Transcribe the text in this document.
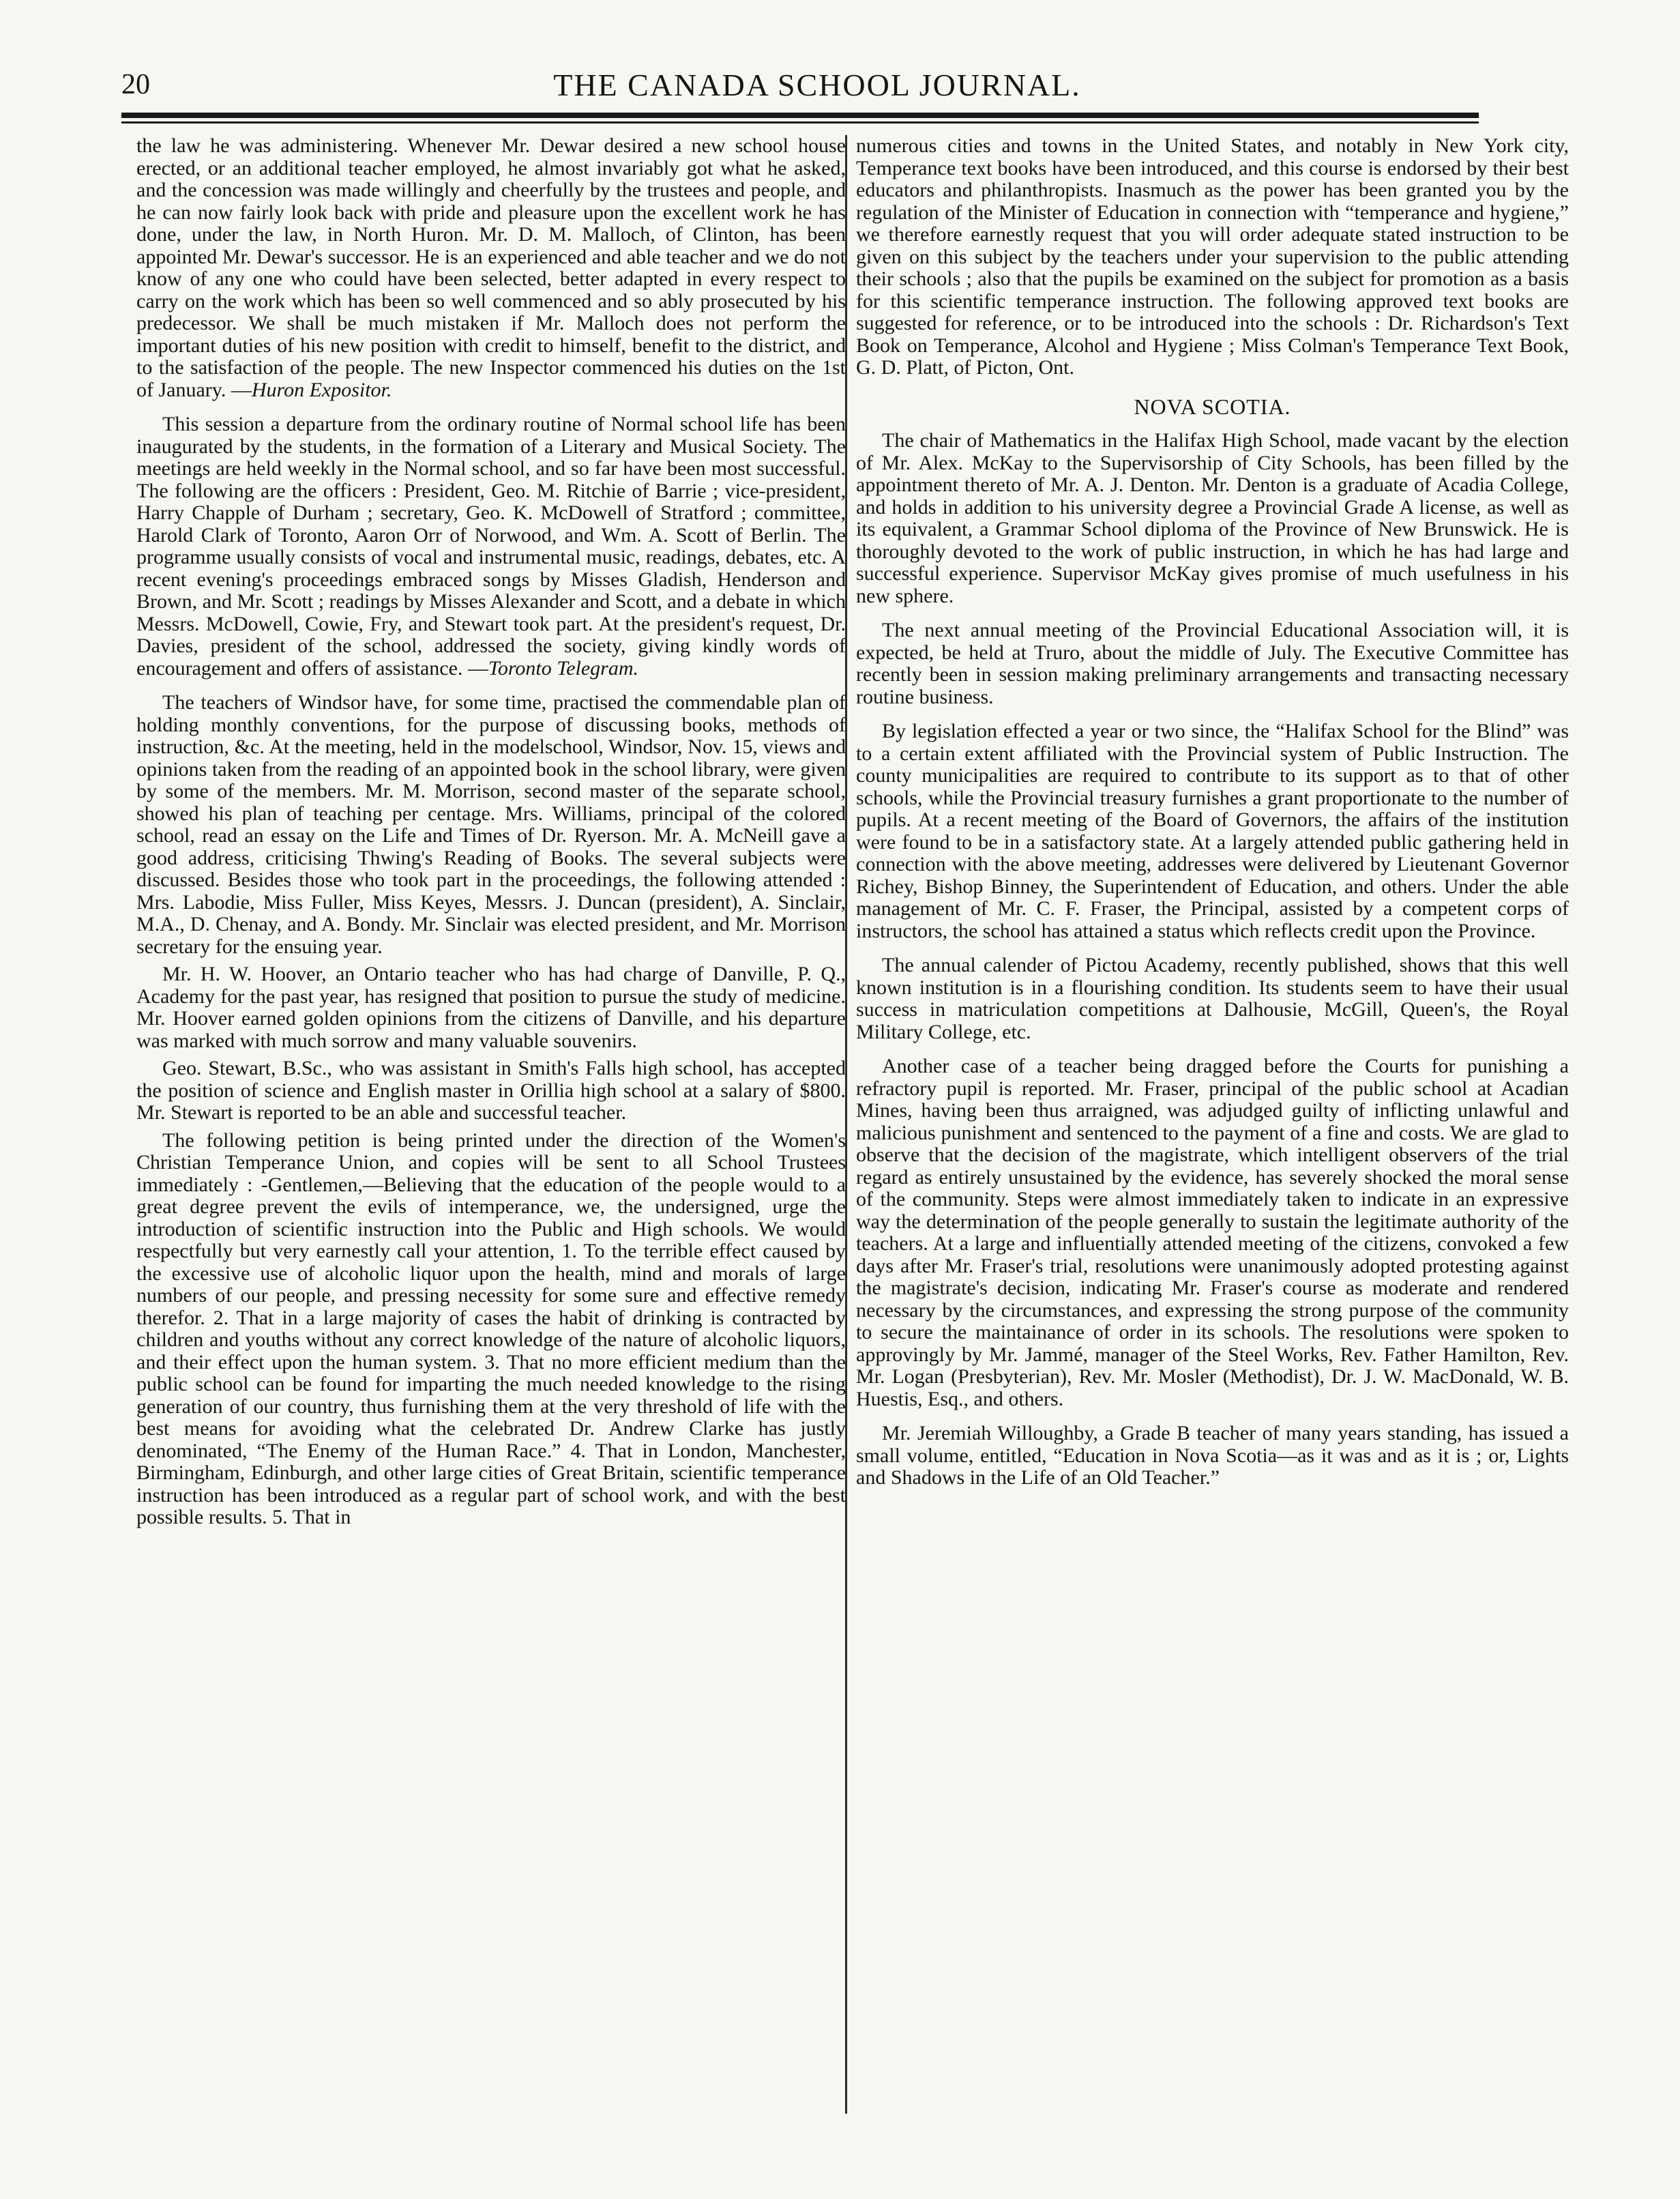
20	THE CANADA SCHOOL JOURNAL.

the law he was administering. Whenever Mr. Dewar desired a new school house erected, or an additional teacher employed, he almost invariably got what he asked, and the concession was made willingly and cheerfully by the trustees and people, and he can now fairly look back with pride and pleasure upon the excellent work he has done, under the law, in North Huron. Mr. D. M. Malloch, of Clinton, has been appointed Mr. Dewar's successor. He is an experienced and able teacher and we do not know of any one who could have been selected, better adapted in every respect to carry on the work which has been so well commenced and so ably prosecuted by his predecessor. We shall be much mistaken if Mr. Malloch does not perform the important duties of his new position with credit to himself, benefit to the district, and to the satisfaction of the people. The new Inspector commenced his duties on the 1st of January. —Huron Expositor.

This session a departure from the ordinary routine of Normal school life has been inaugurated by the students, in the formation of a Literary and Musical Society. The meetings are held weekly in the Normal school, and so far have been most successful. The following are the officers : President, Geo. M. Ritchie of Barrie ; vice-president, Harry Chapple of Durham ; secretary, Geo. K. McDowell of Stratford ; committee, Harold Clark of Toronto, Aaron Orr of Norwood, and Wm. A. Scott of Berlin. The programme usually consists of vocal and instrumental music, readings, debates, etc. A recent evening's proceedings embraced songs by Misses Gladish, Henderson and Brown, and Mr. Scott ; readings by Misses Alexander and Scott, and a debate in which Messrs. McDowell, Cowie, Fry, and Stewart took part. At the president's request, Dr. Davies, president of the school, addressed the society, giving kindly words of encouragement and offers of assistance. —Toronto Telegram.

The teachers of Windsor have, for some time, practised the commendable plan of holding monthly conventions, for the purpose of discussing books, methods of instruction, &c. At the meeting, held in the modelschool, Windsor, Nov. 15, views and opinions taken from the reading of an appointed book in the school library, were given by some of the members. Mr. M. Morrison, second master of the separate school, showed his plan of teaching per centage. Mrs. Williams, principal of the colored school, read an essay on the Life and Times of Dr. Ryerson. Mr. A. McNeill gave a good address, criticising Thwing's Reading of Books. The several subjects were discussed. Besides those who took part in the proceedings, the following attended : Mrs. Labodie, Miss Fuller, Miss Keyes, Messrs. J. Duncan (president), A. Sinclair, M.A., D. Chenay, and A. Bondy. Mr. Sinclair was elected president, and Mr. Morrison secretary for the ensuing year.

Mr. H. W. Hoover, an Ontario teacher who has had charge of Danville, P. Q., Academy for the past year, has resigned that position to pursue the study of medicine. Mr. Hoover earned golden opinions from the citizens of Danville, and his departure was marked with much sorrow and many valuable souvenirs.

Geo. Stewart, B.Sc., who was assistant in Smith's Falls high school, has accepted the position of science and English master in Orillia high school at a salary of $800. Mr. Stewart is reported to be an able and successful teacher.

The following petition is being printed under the direction of the Women's Christian Temperance Union, and copies will be sent to all School Trustees immediately : -Gentlemen,—Believing that the education of the people would to a great degree prevent the evils of intemperance, we, the undersigned, urge the introduction of scientific instruction into the Public and High schools. We would respectfully but very earnestly call your attention, 1. To the terrible effect caused by the excessive use of alcoholic liquor upon the health, mind and morals of large numbers of our people, and pressing necessity for some sure and effective remedy therefor. 2. That in a large majority of cases the habit of drinking is contracted by children and youths without any correct knowledge of the nature of alcoholic liquors, and their effect upon the human system. 3. That no more efficient medium than the public school can be found for imparting the much needed knowledge to the rising generation of our country, thus furnishing them at the very threshold of life with the best means for avoiding what the celebrated Dr. Andrew Clarke has justly denominated, “The Enemy of the Human Race.” 4. That in London, Manchester, Birmingham, Edinburgh, and other large cities of Great Britain, scientific temperance instruction has been introduced as a regular part of school work, and with the best possible results. 5. That in

numerous cities and towns in the United States, and notably in New York city, Temperance text books have been introduced, and this course is endorsed by their best educators and philanthropists. Inasmuch as the power has been granted you by the regulation of the Minister of Education in connection with “temperance and hygiene,” we therefore earnestly request that you will order adequate stated instruction to be given on this subject by the teachers under your supervision to the public attending their schools ; also that the pupils be examined on the subject for promotion as a basis for this scientific temperance instruction. The following approved text books are suggested for reference, or to be introduced into the schools : Dr. Richardson's Text Book on Temperance, Alcohol and Hygiene ; Miss Colman's Temperance Text Book, G. D. Platt, of Picton, Ont.

NOVA SCOTIA.

The chair of Mathematics in the Halifax High School, made vacant by the election of Mr. Alex. McKay to the Supervisorship of City Schools, has been filled by the appointment thereto of Mr. A. J. Denton. Mr. Denton is a graduate of Acadia College, and holds in addition to his university degree a Provincial Grade A license, as well as its equivalent, a Grammar School diploma of the Province of New Brunswick. He is thoroughly devoted to the work of public instruction, in which he has had large and successful experience. Supervisor McKay gives promise of much usefulness in his new sphere.

The next annual meeting of the Provincial Educational Association will, it is expected, be held at Truro, about the middle of July. The Executive Committee has recently been in session making preliminary arrangements and transacting necessary routine business.

By legislation effected a year or two since, the “Halifax School for the Blind” was to a certain extent affiliated with the Provincial system of Public Instruction. The county municipalities are required to contribute to its support as to that of other schools, while the Provincial treasury furnishes a grant proportionate to the number of pupils. At a recent meeting of the Board of Governors, the affairs of the institution were found to be in a satisfactory state. At a largely attended public gathering held in connection with the above meeting, addresses were delivered by Lieutenant Governor Richey, Bishop Binney, the Superintendent of Education, and others. Under the able management of Mr. C. F. Fraser, the Principal, assisted by a competent corps of instructors, the school has attained a status which reflects credit upon the Province.

The annual calender of Pictou Academy, recently published, shows that this well known institution is in a flourishing condition. Its students seem to have their usual success in matriculation competitions at Dalhousie, McGill, Queen's, the Royal Military College, etc.

Another case of a teacher being dragged before the Courts for punishing a refractory pupil is reported. Mr. Fraser, principal of the public school at Acadian Mines, having been thus arraigned, was adjudged guilty of inflicting unlawful and malicious punishment and sentenced to the payment of a fine and costs. We are glad to observe that the decision of the magistrate, which intelligent observers of the trial regard as entirely unsustained by the evidence, has severely shocked the moral sense of the community. Steps were almost immediately taken to indicate in an expressive way the determination of the people generally to sustain the legitimate authority of the teachers. At a large and influentially attended meeting of the citizens, convoked a few days after Mr. Fraser's trial, resolutions were unanimously adopted protesting against the magistrate's decision, indicating Mr. Fraser's course as moderate and rendered necessary by the circumstances, and expressing the strong purpose of the community to secure the maintainance of order in its schools. The resolutions were spoken to approvingly by Mr. Jammé, manager of the Steel Works, Rev. Father Hamilton, Rev. Mr. Logan (Presbyterian), Rev. Mr. Mosler (Methodist), Dr. J. W. MacDonald, W. B. Huestis, Esq., and others.

Mr. Jeremiah Willoughby, a Grade B teacher of many years standing, has issued a small volume, entitled, “Education in Nova Scotia—as it was and as it is ; or, Lights and Shadows in the Life of an Old Teacher.”
